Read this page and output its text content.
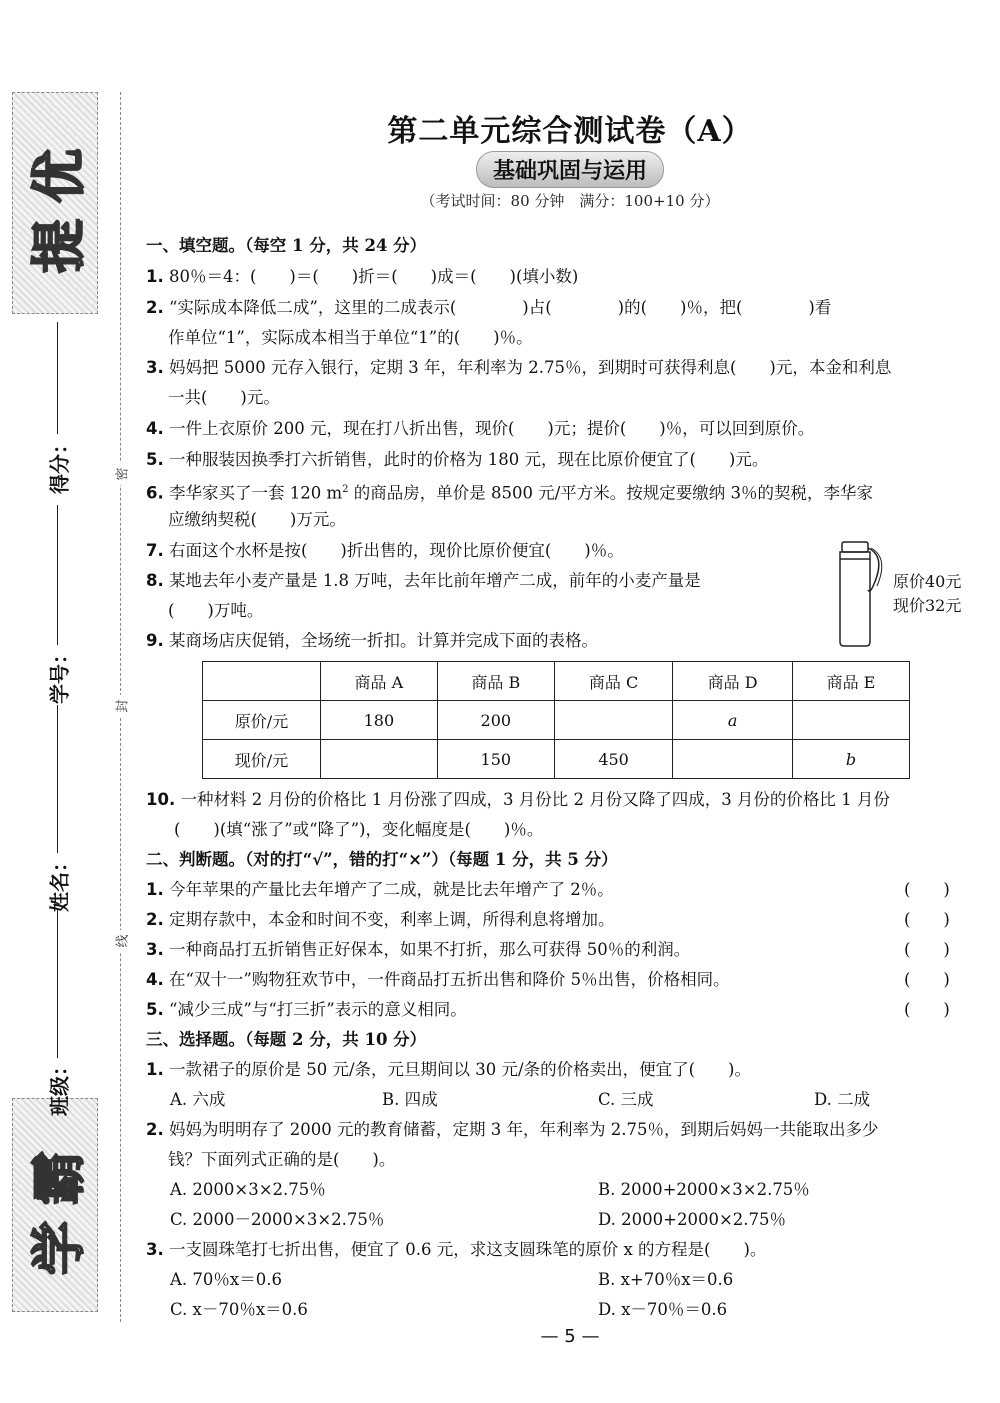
提优
学霸
得分：
学号：
姓名：
班级：
密
封
线
第二单元综合测试卷（A）
基础巩固与运用
（考试时间：80 分钟　满分：100+10 分）
一、填空题。（每空 1 分，共 24 分）
1. 80％＝4：(　　)＝(　　)折＝(　　)成＝(　　)(填小数)
2. “实际成本降低二成”，这里的二成表示(　　　　)占(　　　　)的(　　)％，把(　　　　)看
作单位“1”，实际成本相当于单位“1”的(　　)％。
3. 妈妈把 5000 元存入银行，定期 3 年，年利率为 2.75％，到期时可获得利息(　　)元，本金和利息
一共(　　)元。
4. 一件上衣原价 200 元，现在打八折出售，现价(　　)元；提价(　　)％，可以回到原价。
5. 一种服装因换季打六折销售，此时的价格为 180 元，现在比原价便宜了(　　)元。
6. 李华家买了一套 120 $m^2$ 的商品房，单价是 8500 元/平方米。按规定要缴纳 3％的契税，李华家
应缴纳契税(　　)万元。
7. 右面这个水杯是按(　　)折出售的，现价比原价便宜(　　)％。
8. 某地去年小麦产量是 1.8 万吨，去年比前年增产二成，前年的小麦产量是
(　　)万吨。
原价40元
现价32元
9. 某商场店庆促销，全场统一折扣。计算并完成下面的表格。
	商品 A	商品 B	商品 C	商品 D	商品 E
原价/元	180	200		a	
现价/元		150	450		b
10. 一种材料 2 月份的价格比 1 月份涨了四成，3 月份比 2 月份又降了四成，3 月份的价格比 1 月份
(　　)(填“涨了”或“降了”)，变化幅度是(　　)％。
二、判断题。（对的打“√”，错的打“×”）（每题 1 分，共 5 分）
1. 今年苹果的产量比去年增产了二成，就是比去年增产了 2％。	(　　)
2. 定期存款中，本金和时间不变，利率上调，所得利息将增加。	(　　)
3. 一种商品打五折销售正好保本，如果不打折，那么可获得 50％的利润。	(　　)
4. 在“双十一”购物狂欢节中，一件商品打五折出售和降价 5％出售，价格相同。	(　　)
5. “减少三成”与“打三折”表示的意义相同。	(　　)
三、选择题。（每题 2 分，共 10 分）
1. 一款裙子的原价是 50 元/条，元旦期间以 30 元/条的价格卖出，便宜了(　　)。
A. 六成	B. 四成	C. 三成	D. 二成
2. 妈妈为明明存了 2000 元的教育储蓄，定期 3 年，年利率为 2.75％，到期后妈妈一共能取出多少
钱？下面列式正确的是(　　)。
A. 2000×3×2.75％	B. 2000+2000×3×2.75％
C. 2000－2000×3×2.75％	D. 2000+2000×2.75％
3. 一支圆珠笔打七折出售，便宜了 0.6 元，求这支圆珠笔的原价 x 的方程是(　　)。
A. 70％x＝0.6	B. x+70％x＝0.6
C. x－70％x＝0.6	D. x－70％＝0.6
— 5 —
